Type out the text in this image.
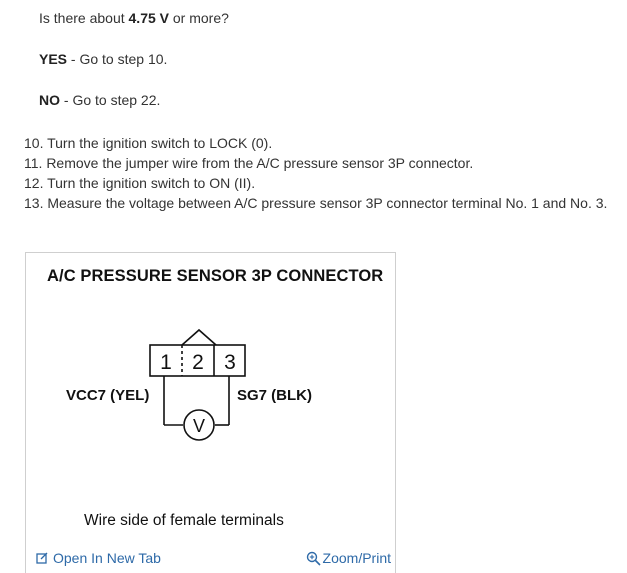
Is there about 4.75 V or more?
YES - Go to step 10.
NO - Go to step 22.
10. Turn the ignition switch to LOCK (0).
11. Remove the jumper wire from the A/C pressure sensor 3P connector.
12. Turn the ignition switch to ON (II).
13. Measure the voltage between A/C pressure sensor 3P connector terminal No. 1 and No. 3.
A/C PRESSURE SENSOR 3P CONNECTOR
1 2 3
VCC7 (YEL)	SG7 (BLK)
V
Wire side of female terminals
Open In New Tab	Zoom/Print
